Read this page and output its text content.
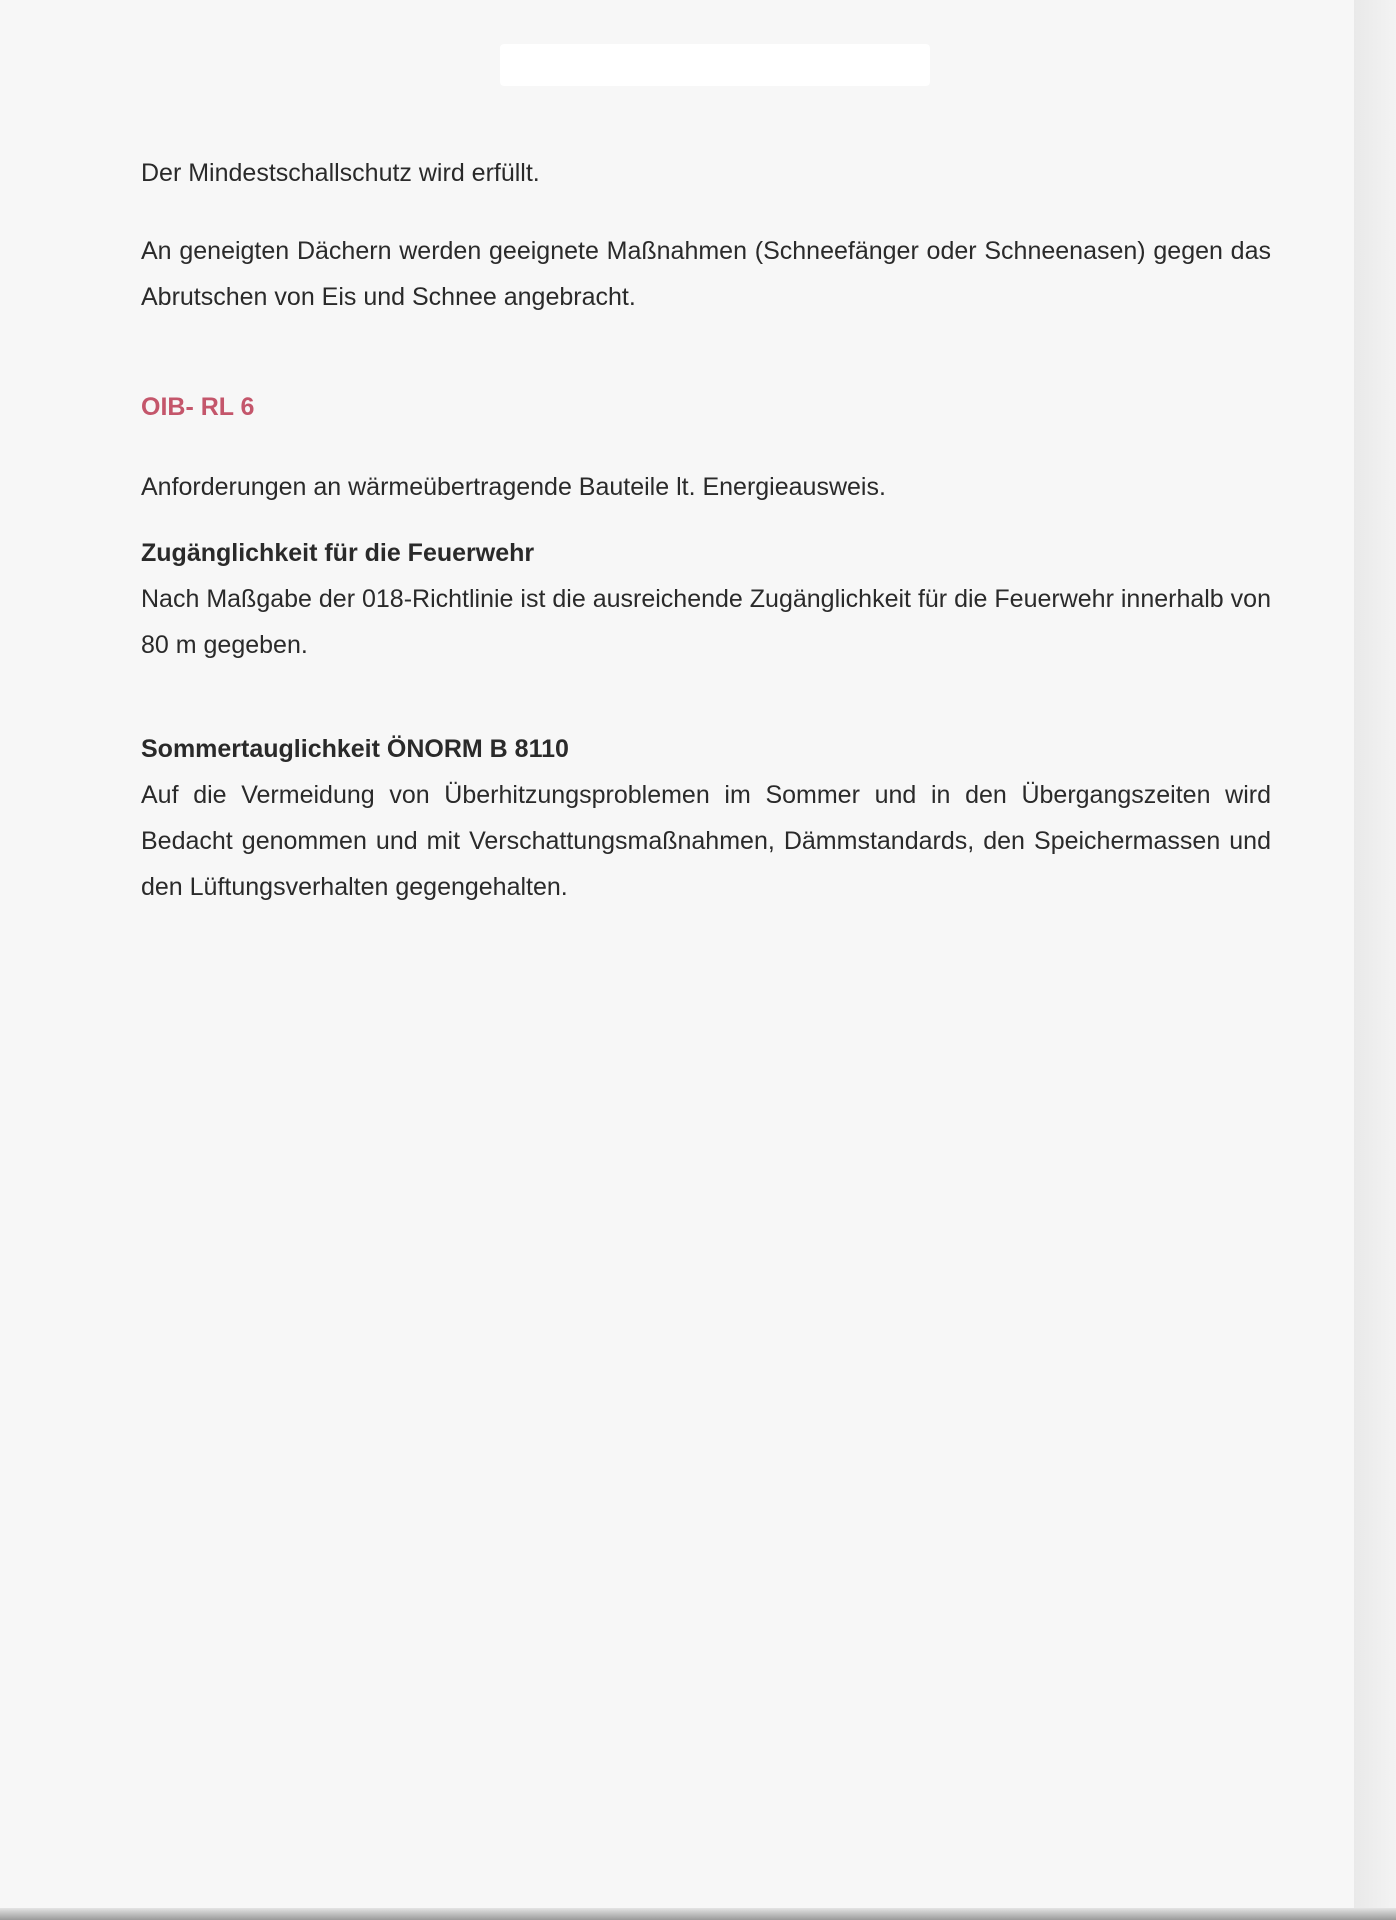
Der Mindestschallschutz wird erfüllt.

An geneigten Dächern werden geeignete Maßnahmen (Schneefänger oder Schneenasen) gegen das Abrutschen von Eis und Schnee angebracht.

OIB- RL 6

Anforderungen an wärmeübertragende Bauteile lt. Energieausweis.

Zugänglichkeit für die Feuerwehr

Nach Maßgabe der 018-Richtlinie ist die ausreichende Zugänglichkeit für die Feuerwehr innerhalb von 80 m gegeben.

Sommertauglichkeit ÖNORM B 8110

Auf die Vermeidung von Überhitzungsproblemen im Sommer und in den Übergangszeiten wird Bedacht genommen und mit Verschattungsmaßnahmen, Dämmstandards, den Speichermassen und den Lüftungsverhalten gegengehalten.
